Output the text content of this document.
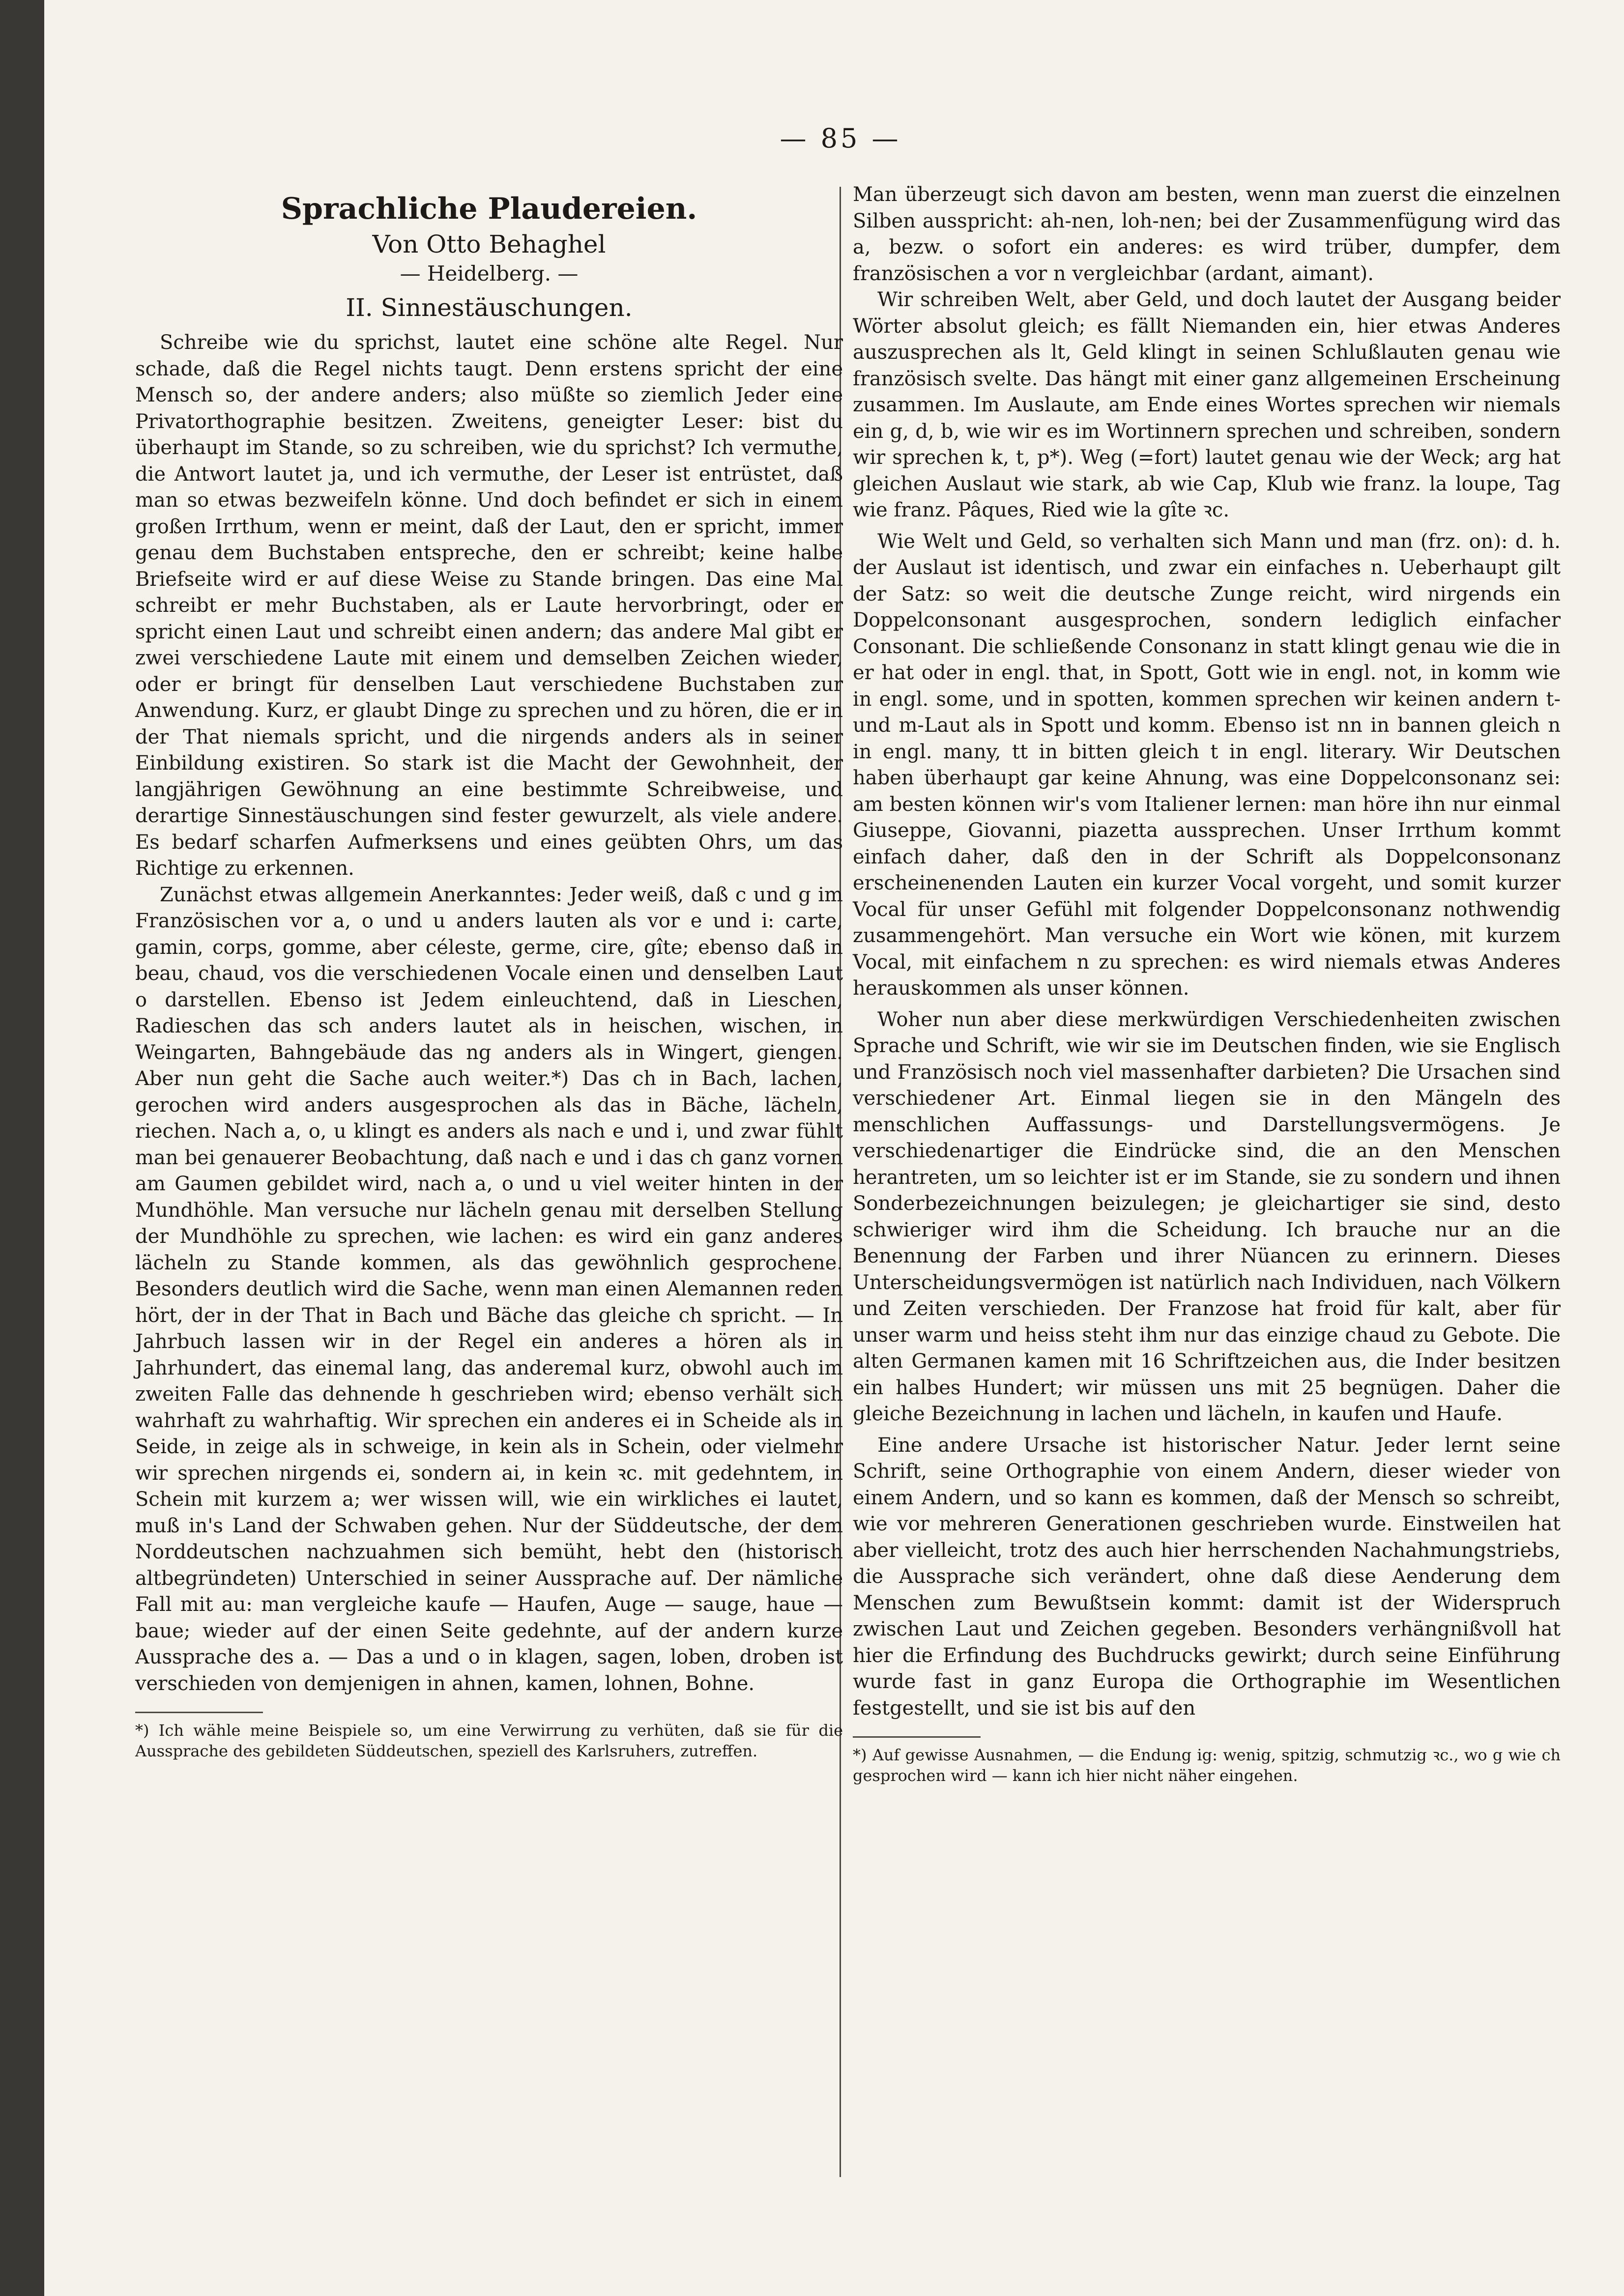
— 85 —
Sprachliche Plaudereien.
Von Otto Behaghel
— Heidelberg. —
II. Sinnestäuschungen.

Schreibe wie du sprichst, lautet eine schöne alte Regel. Nur schade, daß die Regel nichts taugt. Denn erstens spricht der eine Mensch so, der andere anders; also müßte so ziemlich Jeder eine Privatorthographie besitzen. Zweitens, geneigter Leser: bist du überhaupt im Stande, so zu schreiben, wie du sprichst? Ich vermuthe, die Antwort lautet ja, und ich vermuthe, der Leser ist entrüstet, daß man so etwas bezweifeln könne. Und doch befindet er sich in einem großen Irrthum, wenn er meint, daß der Laut, den er spricht, immer genau dem Buchstaben entspreche, den er schreibt; keine halbe Briefseite wird er auf diese Weise zu Stande bringen. Das eine Mal schreibt er mehr Buchstaben, als er Laute hervorbringt, oder er spricht einen Laut und schreibt einen andern; das andere Mal gibt er zwei verschiedene Laute mit einem und demselben Zeichen wieder, oder er bringt für denselben Laut verschiedene Buchstaben zur Anwendung. Kurz, er glaubt Dinge zu sprechen und zu hören, die er in der That niemals spricht, und die nirgends anders als in seiner Einbildung existiren. So stark ist die Macht der Gewohnheit, der langjährigen Gewöhnung an eine bestimmte Schreibweise, und derartige Sinnestäuschungen sind fester gewurzelt, als viele andere. Es bedarf scharfen Aufmerksens und eines geübten Ohrs, um das Richtige zu erkennen.

Zunächst etwas allgemein Anerkanntes: Jeder weiß, daß c und g im Französischen vor a, o und u anders lauten als vor e und i: carte, gamin, corps, gomme, aber céleste, germe, cire, gîte; ebenso daß in beau, chaud, vos die verschiedenen Vocale einen und denselben Laut o darstellen. Ebenso ist Jedem einleuchtend, daß in Lieschen, Radieschen das sch anders lautet als in heischen, wischen, in Weingarten, Bahngebäude das ng anders als in Wingert, giengen. Aber nun geht die Sache auch weiter.*) Das ch in Bach, lachen, gerochen wird anders ausgesprochen als das in Bäche, lächeln, riechen. Nach a, o, u klingt es anders als nach e und i, und zwar fühlt man bei genauerer Beobachtung, daß nach e und i das ch ganz vornen am Gaumen gebildet wird, nach a, o und u viel weiter hinten in der Mundhöhle. Man versuche nur lächeln genau mit derselben Stellung der Mundhöhle zu sprechen, wie lachen: es wird ein ganz anderes lächeln zu Stande kommen, als das gewöhnlich gesprochene. Besonders deutlich wird die Sache, wenn man einen Alemannen reden hört, der in der That in Bach und Bäche das gleiche ch spricht. — In Jahrbuch lassen wir in der Regel ein anderes a hören als in Jahrhundert, das einemal lang, das anderemal kurz, obwohl auch im zweiten Falle das dehnende h geschrieben wird; ebenso verhält sich wahrhaft zu wahrhaftig. Wir sprechen ein anderes ei in Scheide als in Seide, in zeige als in schweige, in kein als in Schein, oder vielmehr wir sprechen nirgends ei, sondern ai, in kein ꝛc. mit gedehntem, in Schein mit kurzem a; wer wissen will, wie ein wirkliches ei lautet, muß in's Land der Schwaben gehen. Nur der Süddeutsche, der dem Norddeutschen nachzuahmen sich bemüht, hebt den (historisch altbegründeten) Unterschied in seiner Aussprache auf. Der nämliche Fall mit au: man vergleiche kaufe — Haufen, Auge — sauge, haue — baue; wieder auf der einen Seite gedehnte, auf der andern kurze Aussprache des a. — Das a und o in klagen, sagen, loben, droben ist verschieden von demjenigen in ahnen, kamen, lohnen, Bohne.

*) Ich wähle meine Beispiele so, um eine Verwirrung zu verhüten, daß sie für die Aussprache des gebildeten Süddeutschen, speziell des Karlsruhers, zutreffen.

Man überzeugt sich davon am besten, wenn man zuerst die einzelnen Silben ausspricht: ah-nen, loh-nen; bei der Zusammenfügung wird das a, bezw. o sofort ein anderes: es wird trüber, dumpfer, dem französischen a vor n vergleichbar (ardant, aimant).

Wir schreiben Welt, aber Geld, und doch lautet der Ausgang beider Wörter absolut gleich; es fällt Niemanden ein, hier etwas Anderes auszusprechen als lt, Geld klingt in seinen Schlußlauten genau wie französisch svelte. Das hängt mit einer ganz allgemeinen Erscheinung zusammen. Im Auslaute, am Ende eines Wortes sprechen wir niemals ein g, d, b, wie wir es im Wortinnern sprechen und schreiben, sondern wir sprechen k, t, p*). Weg (=fort) lautet genau wie der Weck; arg hat gleichen Auslaut wie stark, ab wie Cap, Klub wie franz. la loupe, Tag wie franz. Pâques, Ried wie la gîte ꝛc.

Wie Welt und Geld, so verhalten sich Mann und man (frz. on): d. h. der Auslaut ist identisch, und zwar ein einfaches n. Ueberhaupt gilt der Satz: so weit die deutsche Zunge reicht, wird nirgends ein Doppelconsonant ausgesprochen, sondern lediglich einfacher Consonant. Die schließende Consonanz in statt klingt genau wie die in er hat oder in engl. that, in Spott, Gott wie in engl. not, in komm wie in engl. some, und in spotten, kommen sprechen wir keinen andern t- und m-Laut als in Spott und komm. Ebenso ist nn in bannen gleich n in engl. many, tt in bitten gleich t in engl. literary. Wir Deutschen haben überhaupt gar keine Ahnung, was eine Doppelconsonanz sei: am besten können wir's vom Italiener lernen: man höre ihn nur einmal Giuseppe, Giovanni, piazetta aussprechen. Unser Irrthum kommt einfach daher, daß den in der Schrift als Doppelconsonanz erscheinenenden Lauten ein kurzer Vocal vorgeht, und somit kurzer Vocal für unser Gefühl mit folgender Doppelconsonanz nothwendig zusammengehört. Man versuche ein Wort wie könen, mit kurzem Vocal, mit einfachem n zu sprechen: es wird niemals etwas Anderes herauskommen als unser können.

Woher nun aber diese merkwürdigen Verschiedenheiten zwischen Sprache und Schrift, wie wir sie im Deutschen finden, wie sie Englisch und Französisch noch viel massenhafter darbieten? Die Ursachen sind verschiedener Art. Einmal liegen sie in den Mängeln des menschlichen Auffassungs- und Darstellungsvermögens. Je verschiedenartiger die Eindrücke sind, die an den Menschen herantreten, um so leichter ist er im Stande, sie zu sondern und ihnen Sonderbezeichnungen beizulegen; je gleichartiger sie sind, desto schwieriger wird ihm die Scheidung. Ich brauche nur an die Benennung der Farben und ihrer Nüancen zu erinnern. Dieses Unterscheidungsvermögen ist natürlich nach Individuen, nach Völkern und Zeiten verschieden. Der Franzose hat froid für kalt, aber für unser warm und heiss steht ihm nur das einzige chaud zu Gebote. Die alten Germanen kamen mit 16 Schriftzeichen aus, die Inder besitzen ein halbes Hundert; wir müssen uns mit 25 begnügen. Daher die gleiche Bezeichnung in lachen und lächeln, in kaufen und Haufe.

Eine andere Ursache ist historischer Natur. Jeder lernt seine Schrift, seine Orthographie von einem Andern, dieser wieder von einem Andern, und so kann es kommen, daß der Mensch so schreibt, wie vor mehreren Generationen geschrieben wurde. Einstweilen hat aber vielleicht, trotz des auch hier herrschenden Nachahmungstriebs, die Aussprache sich verändert, ohne daß diese Aenderung dem Menschen zum Bewußtsein kommt: damit ist der Widerspruch zwischen Laut und Zeichen gegeben. Besonders verhängnißvoll hat hier die Erfindung des Buchdrucks gewirkt; durch seine Einführung wurde fast in ganz Europa die Orthographie im Wesentlichen festgestellt, und sie ist bis auf den

*) Auf gewisse Ausnahmen, — die Endung ig: wenig, spitzig, schmutzig ꝛc., wo g wie ch gesprochen wird — kann ich hier nicht näher eingehen.
